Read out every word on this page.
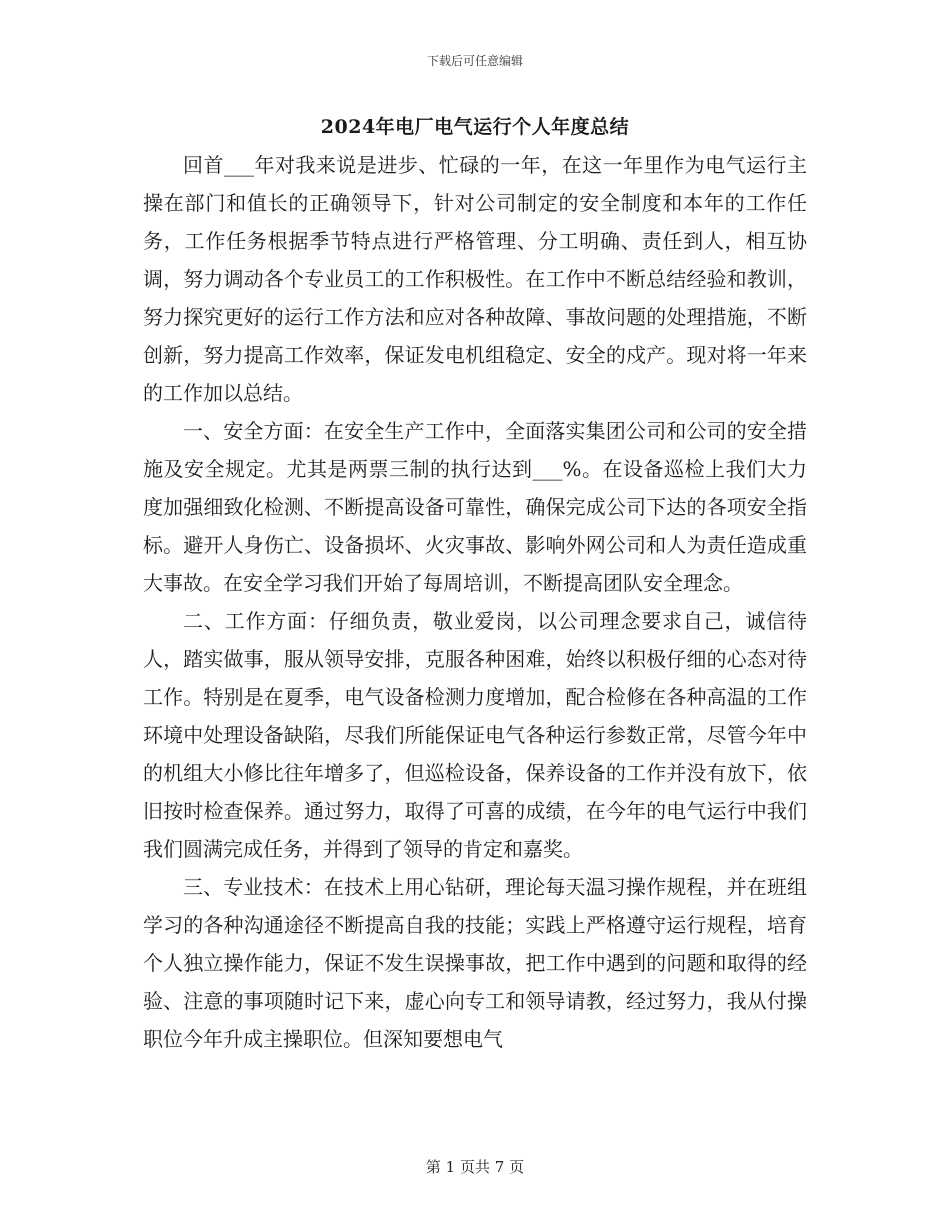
下载后可任意编辑
2024年电厂电气运行个人年度总结

回首___年对我来说是进步、忙碌的一年，在这一年里作为电气运行主操在部门和值长的正确领导下，针对公司制定的安全制度和本年的工作任务，工作任务根据季节特点进行严格管理、分工明确、责任到人，相互协调，努力调动各个专业员工的工作积极性。在工作中不断总结经验和教训，努力探究更好的运行工作方法和应对各种故障、事故问题的处理措施，不断创新，努力提高工作效率，保证发电机组稳定、安全的戍产。现对将一年来的工作加以总结。

一、安全方面：在安全生产工作中，全面落实集团公司和公司的安全措施及安全规定。尤其是两票三制的执行达到___%。在设备巡检上我们大力度加强细致化检测、不断提高设备可靠性，确保完成公司下达的各项安全指标。避开人身伤亡、设备损坏、火灾事故、影响外网公司和人为责任造成重大事故。在安全学习我们开始了每周培训，不断提高团队安全理念。

二、工作方面：仔细负责，敬业爱岗，以公司理念要求自己，诚信待人，踏实做事，服从领导安排，克服各种困难，始终以积极仔细的心态对待工作。特别是在夏季，电气设备检测力度增加，配合检修在各种高温的工作环境中处理设备缺陷，尽我们所能保证电气各种运行参数正常，尽管今年中的机组大小修比往年增多了，但巡检设备，保养设备的工作并没有放下，依旧按时检查保养。通过努力，取得了可喜的成绩，在今年的电气运行中我们我们圆满完成任务，并得到了领导的肯定和嘉奖。

三、专业技术：在技术上用心钻研，理论每天温习操作规程，并在班组学习的各种沟通途径不断提高自我的技能；实践上严格遵守运行规程，培育个人独立操作能力，保证不发生误操事故，把工作中遇到的问题和取得的经验、注意的事项随时记下来，虚心向专工和领导请教，经过努力，我从付操职位今年升成主操职位。但深知要想电气

第 1 页共 7 页
